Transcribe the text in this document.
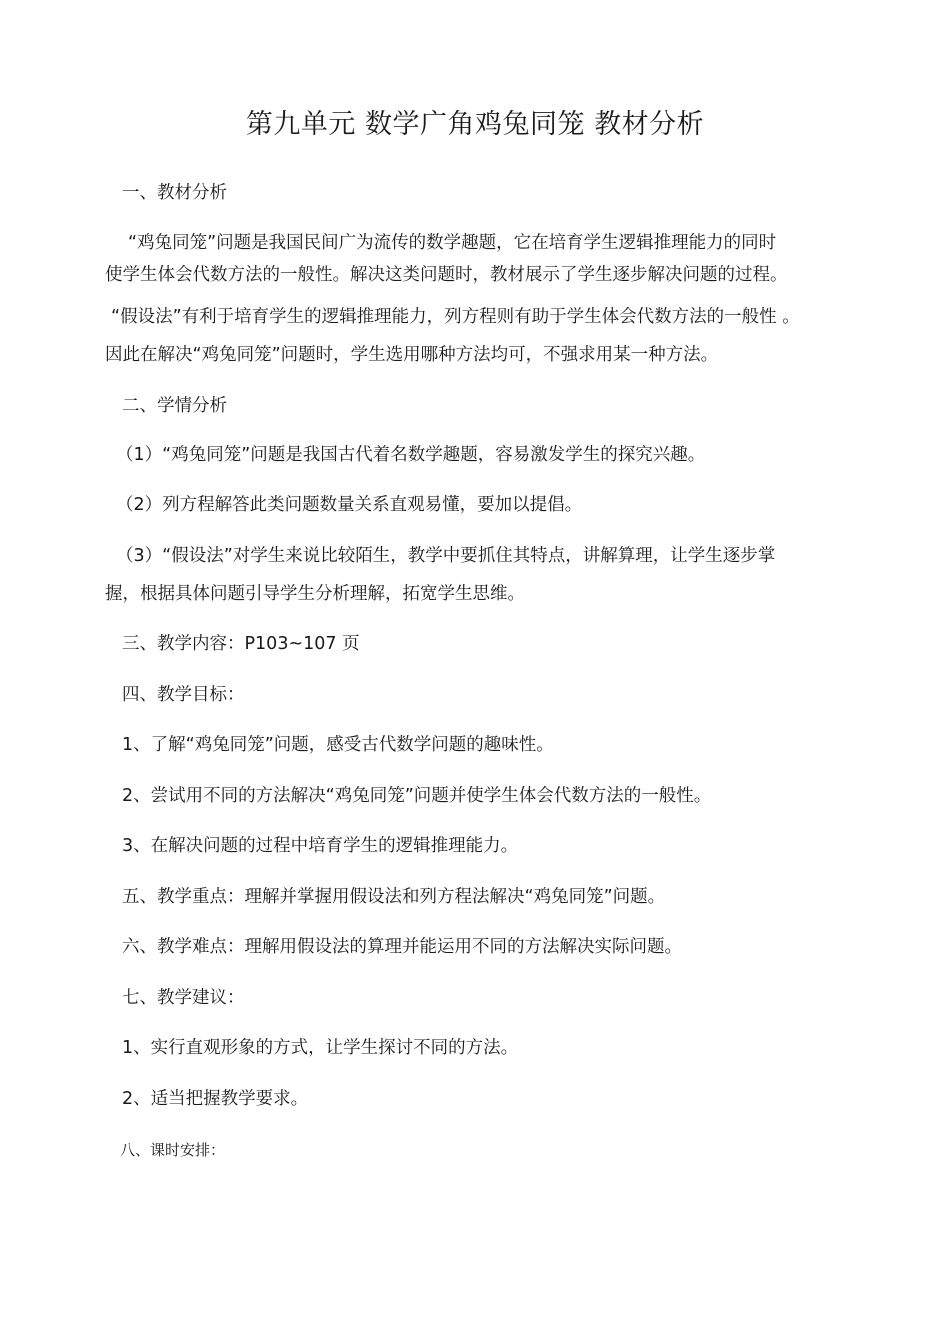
第九单元 数学广角鸡兔同笼 教材分析

一、教材分析

“鸡兔同笼”问题是我国民间广为流传的数学趣题，它在培育学生逻辑推理能力的同时

使学生体会代数方法的一般性。解决这类问题时，教材展示了学生逐步解决问题的过程。

“假设法”有利于培育学生的逻辑推理能力，列方程则有助于学生体会代数方法的一般性 。

因此在解决“鸡兔同笼”问题时，学生选用哪种方法均可，不强求用某一种方法。

二、学情分析

（1）“鸡兔同笼”问题是我国古代着名数学趣题，容易激发学生的探究兴趣。

（2）列方程解答此类问题数量关系直观易懂，要加以提倡。

（3）“假设法”对学生来说比较陌生，教学中要抓住其特点，讲解算理，让学生逐步掌

握，根据具体问题引导学生分析理解，拓宽学生思维。

三、教学内容：P103~107 页

四、教学目标：

1、了解“鸡兔同笼”问题，感受古代数学问题的趣味性。

2、尝试用不同的方法解决“鸡兔同笼”问题并使学生体会代数方法的一般性。

3、在解决问题的过程中培育学生的逻辑推理能力。

五、教学重点：理解并掌握用假设法和列方程法解决“鸡兔同笼”问题。

六、教学难点：理解用假设法的算理并能运用不同的方法解决实际问题。

七、教学建议：

1、实行直观形象的方式，让学生探讨不同的方法。

2、适当把握教学要求。

八、课时安排：
